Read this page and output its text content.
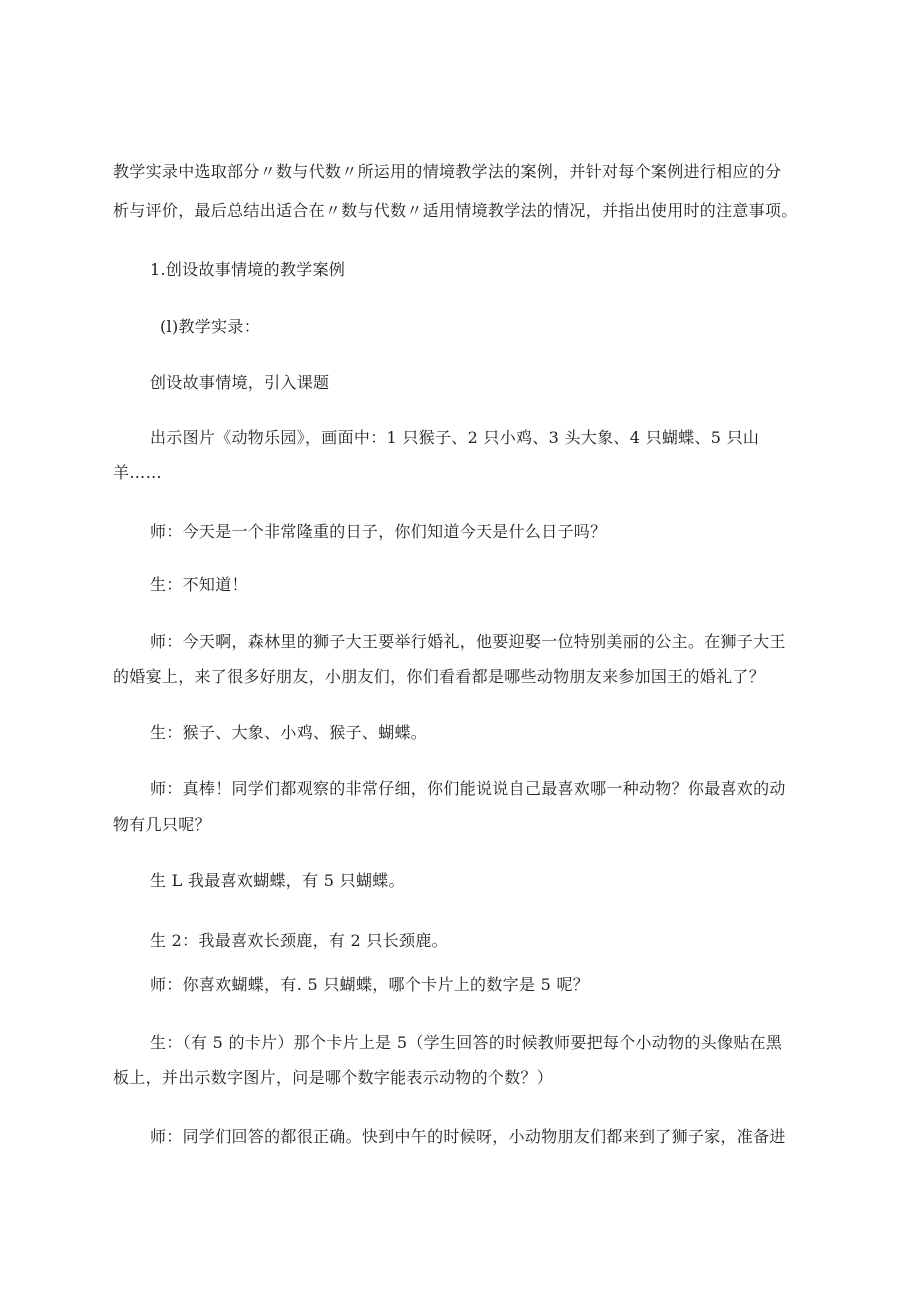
教学实录中选取部分〃数与代数〃所运用的情境教学法的案例，并针对每个案例进行相应的分
析与评价，最后总结出适合在〃数与代数〃适用情境教学法的情况，并指出使用时的注意事项。
1.创设故事情境的教学案例
(l)教学实录：
创设故事情境，引入课题
出示图片《动物乐园》，画面中：1 只猴子、2 只小鸡、3 头大象、4 只蝴蝶、5 只山
羊……
师：今天是一个非常隆重的日子，你们知道今天是什么日子吗？
生：不知道！
师：今天啊，森林里的狮子大王要举行婚礼，他要迎娶一位特别美丽的公主。在狮子大王
的婚宴上，来了很多好朋友，小朋友们，你们看看都是哪些动物朋友来参加国王的婚礼了？
生：猴子、大象、小鸡、猴子、蝴蝶。
师：真棒！同学们都观察的非常仔细，你们能说说自己最喜欢哪一种动物？你最喜欢的动
物有几只呢？
生 L 我最喜欢蝴蝶，有 5 只蝴蝶。
生 2：我最喜欢长颈鹿，有 2 只长颈鹿。
师：你喜欢蝴蝶，有. 5 只蝴蝶，哪个卡片上的数字是 5 呢？
生：（有 5 的卡片）那个卡片上是 5（学生回答的时候教师要把每个小动物的头像贴在黑
板上，并出示数字图片，问是哪个数字能表示动物的个数？）
师：同学们回答的都很正确。快到中午的时候呀，小动物朋友们都来到了狮子家，准备进
